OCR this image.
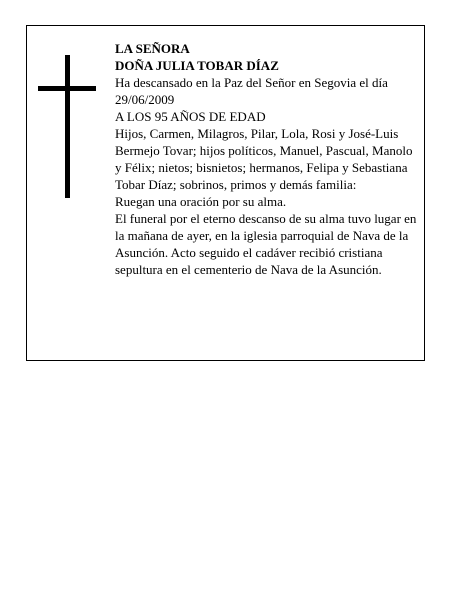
LA SEÑORA

DOÑA JULIA TOBAR DÍAZ

Ha descansado en la Paz del Señor en Segovia el día 29/06/2009

A LOS 95 AÑOS DE EDAD

Hijos, Carmen, Milagros, Pilar, Lola, Rosi y José-Luis Bermejo Tovar; hijos políticos, Manuel, Pascual, Manolo y Félix; nietos; bisnietos; hermanos, Felipa y Sebastiana Tobar Díaz; sobrinos, primos y demás familia:

Ruegan una oración por su alma.

El funeral por el eterno descanso de su alma tuvo lugar en la mañana de ayer, en la iglesia parroquial de Nava de la Asunción. Acto seguido el cadáver recibió cristiana sepultura en el cementerio de Nava de la Asunción.
